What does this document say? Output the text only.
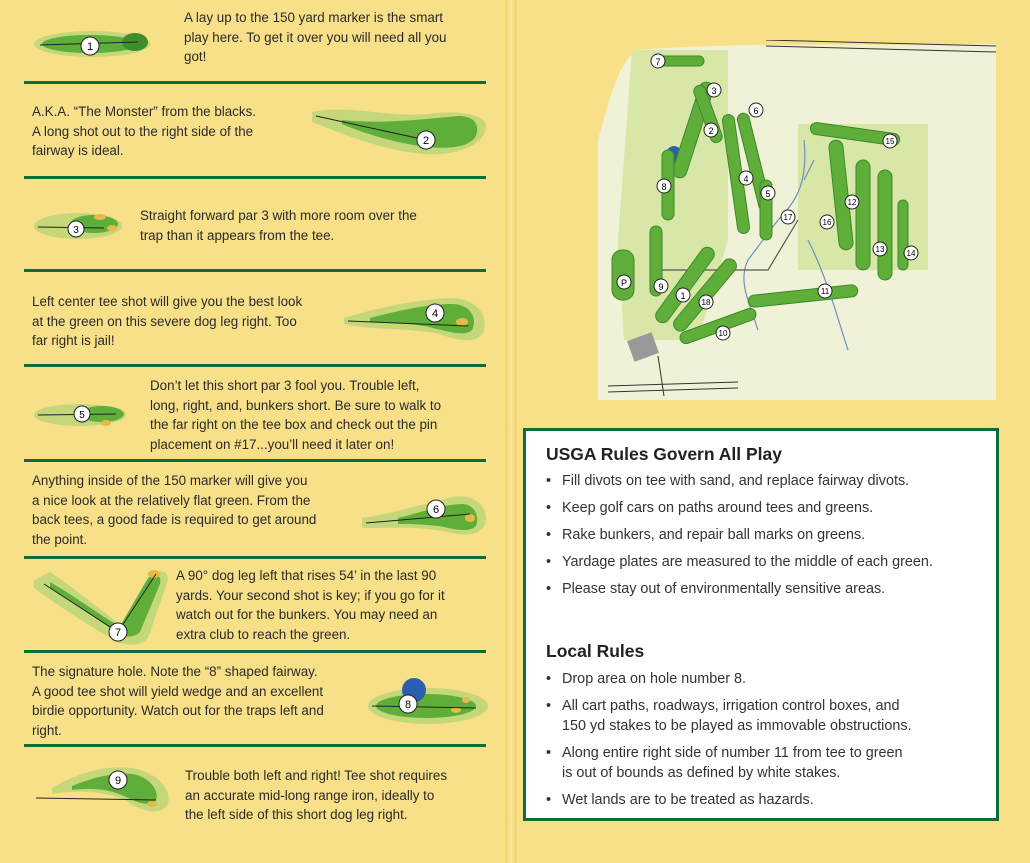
1
A lay up to the 150 yard marker is the smart
play here. To get it over you will need all you
got!
A.K.A. “The Monster” from the blacks.
A long shot out to the right side of the
fairway is ideal.
2
3
Straight forward par 3 with more room over the
trap than it appears from the tee.
Left center tee shot will give you the best look
at the green on this severe dog leg right. Too
far right is jail!
4
5
Don’t let this short par 3 fool you. Trouble left,
long, right, and, bunkers short. Be sure to walk to
the far right on the tee box and check out the pin
placement on #17...you’ll need it later on!
Anything inside of the 150 marker will give you
a nice look at the relatively flat green. From the
back tees, a good fade is required to get around
the point.
6
7
A 90° dog leg left that rises 54’ in the last 90
yards. Your second shot is key; if you go for it
watch out for the bunkers. You may need an
extra club to reach the green.
The signature hole. Note the “8” shaped fairway.
A good tee shot will yield wedge and an excellent
birdie opportunity. Watch out for the traps left and
right.
8
9	Trouble both left and right! Tee shot requires
an accurate mid-long range iron, ideally to
the left side of this short dog leg right.
7
3
6
2
15
4
8
5
12
17
16
13	14
P	9
1	11
18
10
USGA Rules Govern All Play
• Fill divots on tee with sand, and replace fairway divots.
• Keep golf cars on paths around tees and greens.
• Rake bunkers, and repair ball marks on greens.
• Yardage plates are measured to the middle of each green.
• Please stay out of environmentally sensitive areas.
Local Rules
• Drop area on hole number 8.
• All cart paths, roadways, irrigation control boxes, and
150 yd stakes to be played as immovable obstructions.
• Along entire right side of number 11 from tee to green
is out of bounds as defined by white stakes.
• Wet lands are to be treated as hazards.
